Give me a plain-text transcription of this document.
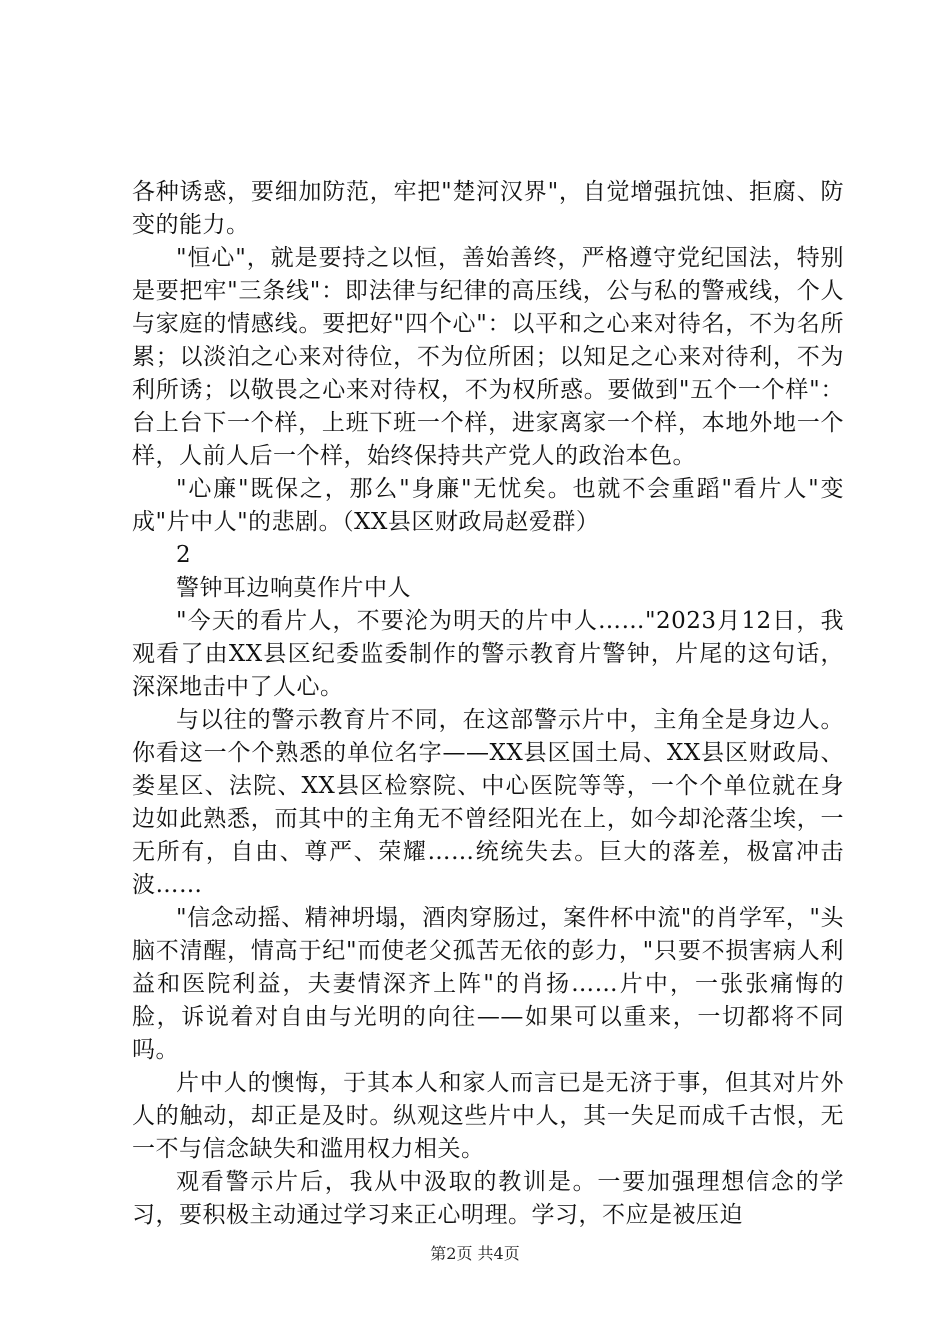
各种诱惑，要细加防范，牢把"楚河汉界"，自觉增强抗蚀、拒腐、防变的能力。

"恒心"，就是要持之以恒，善始善终，严格遵守党纪国法，特别是要把牢"三条线"：即法律与纪律的高压线，公与私的警戒线，个人与家庭的情感线。要把好"四个心"：以平和之心来对待名，不为名所累；以淡泊之心来对待位，不为位所困；以知足之心来对待利，不为利所诱；以敬畏之心来对待权，不为权所惑。要做到"五个一个样"：台上台下一个样，上班下班一个样，进家离家一个样，本地外地一个样，人前人后一个样，始终保持共产党人的政治本色。

"心廉"既保之，那么"身廉"无忧矣。也就不会重蹈"看片人"变成"片中人"的悲剧。（XX县区财政局赵爱群）

2

警钟耳边响莫作片中人

"今天的看片人，不要沦为明天的片中人……"2023月12日，我观看了由XX县区纪委监委制作的警示教育片警钟，片尾的这句话，深深地击中了人心。

与以往的警示教育片不同，在这部警示片中，主角全是身边人。你看这一个个熟悉的单位名字——XX县区国土局、XX县区财政局、娄星区、法院、XX县区检察院、中心医院等等，一个个单位就在身边如此熟悉，而其中的主角无不曾经阳光在上，如今却沦落尘埃，一无所有，自由、尊严、荣耀……统统失去。巨大的落差，极富冲击波……

"信念动摇、精神坍塌，酒肉穿肠过，案件杯中流"的肖学军，"头脑不清醒，情高于纪"而使老父孤苦无依的彭力，"只要不损害病人利益和医院利益，夫妻情深齐上阵"的肖扬……片中，一张张痛悔的脸，诉说着对自由与光明的向往——如果可以重来，一切都将不同吗。

片中人的懊悔，于其本人和家人而言已是无济于事，但其对片外人的触动，却正是及时。纵观这些片中人，其一失足而成千古恨，无一不与信念缺失和滥用权力相关。

观看警示片后，我从中汲取的教训是。一要加强理想信念的学习，要积极主动通过学习来正心明理。学习，不应是被压迫

第2页 共4页
